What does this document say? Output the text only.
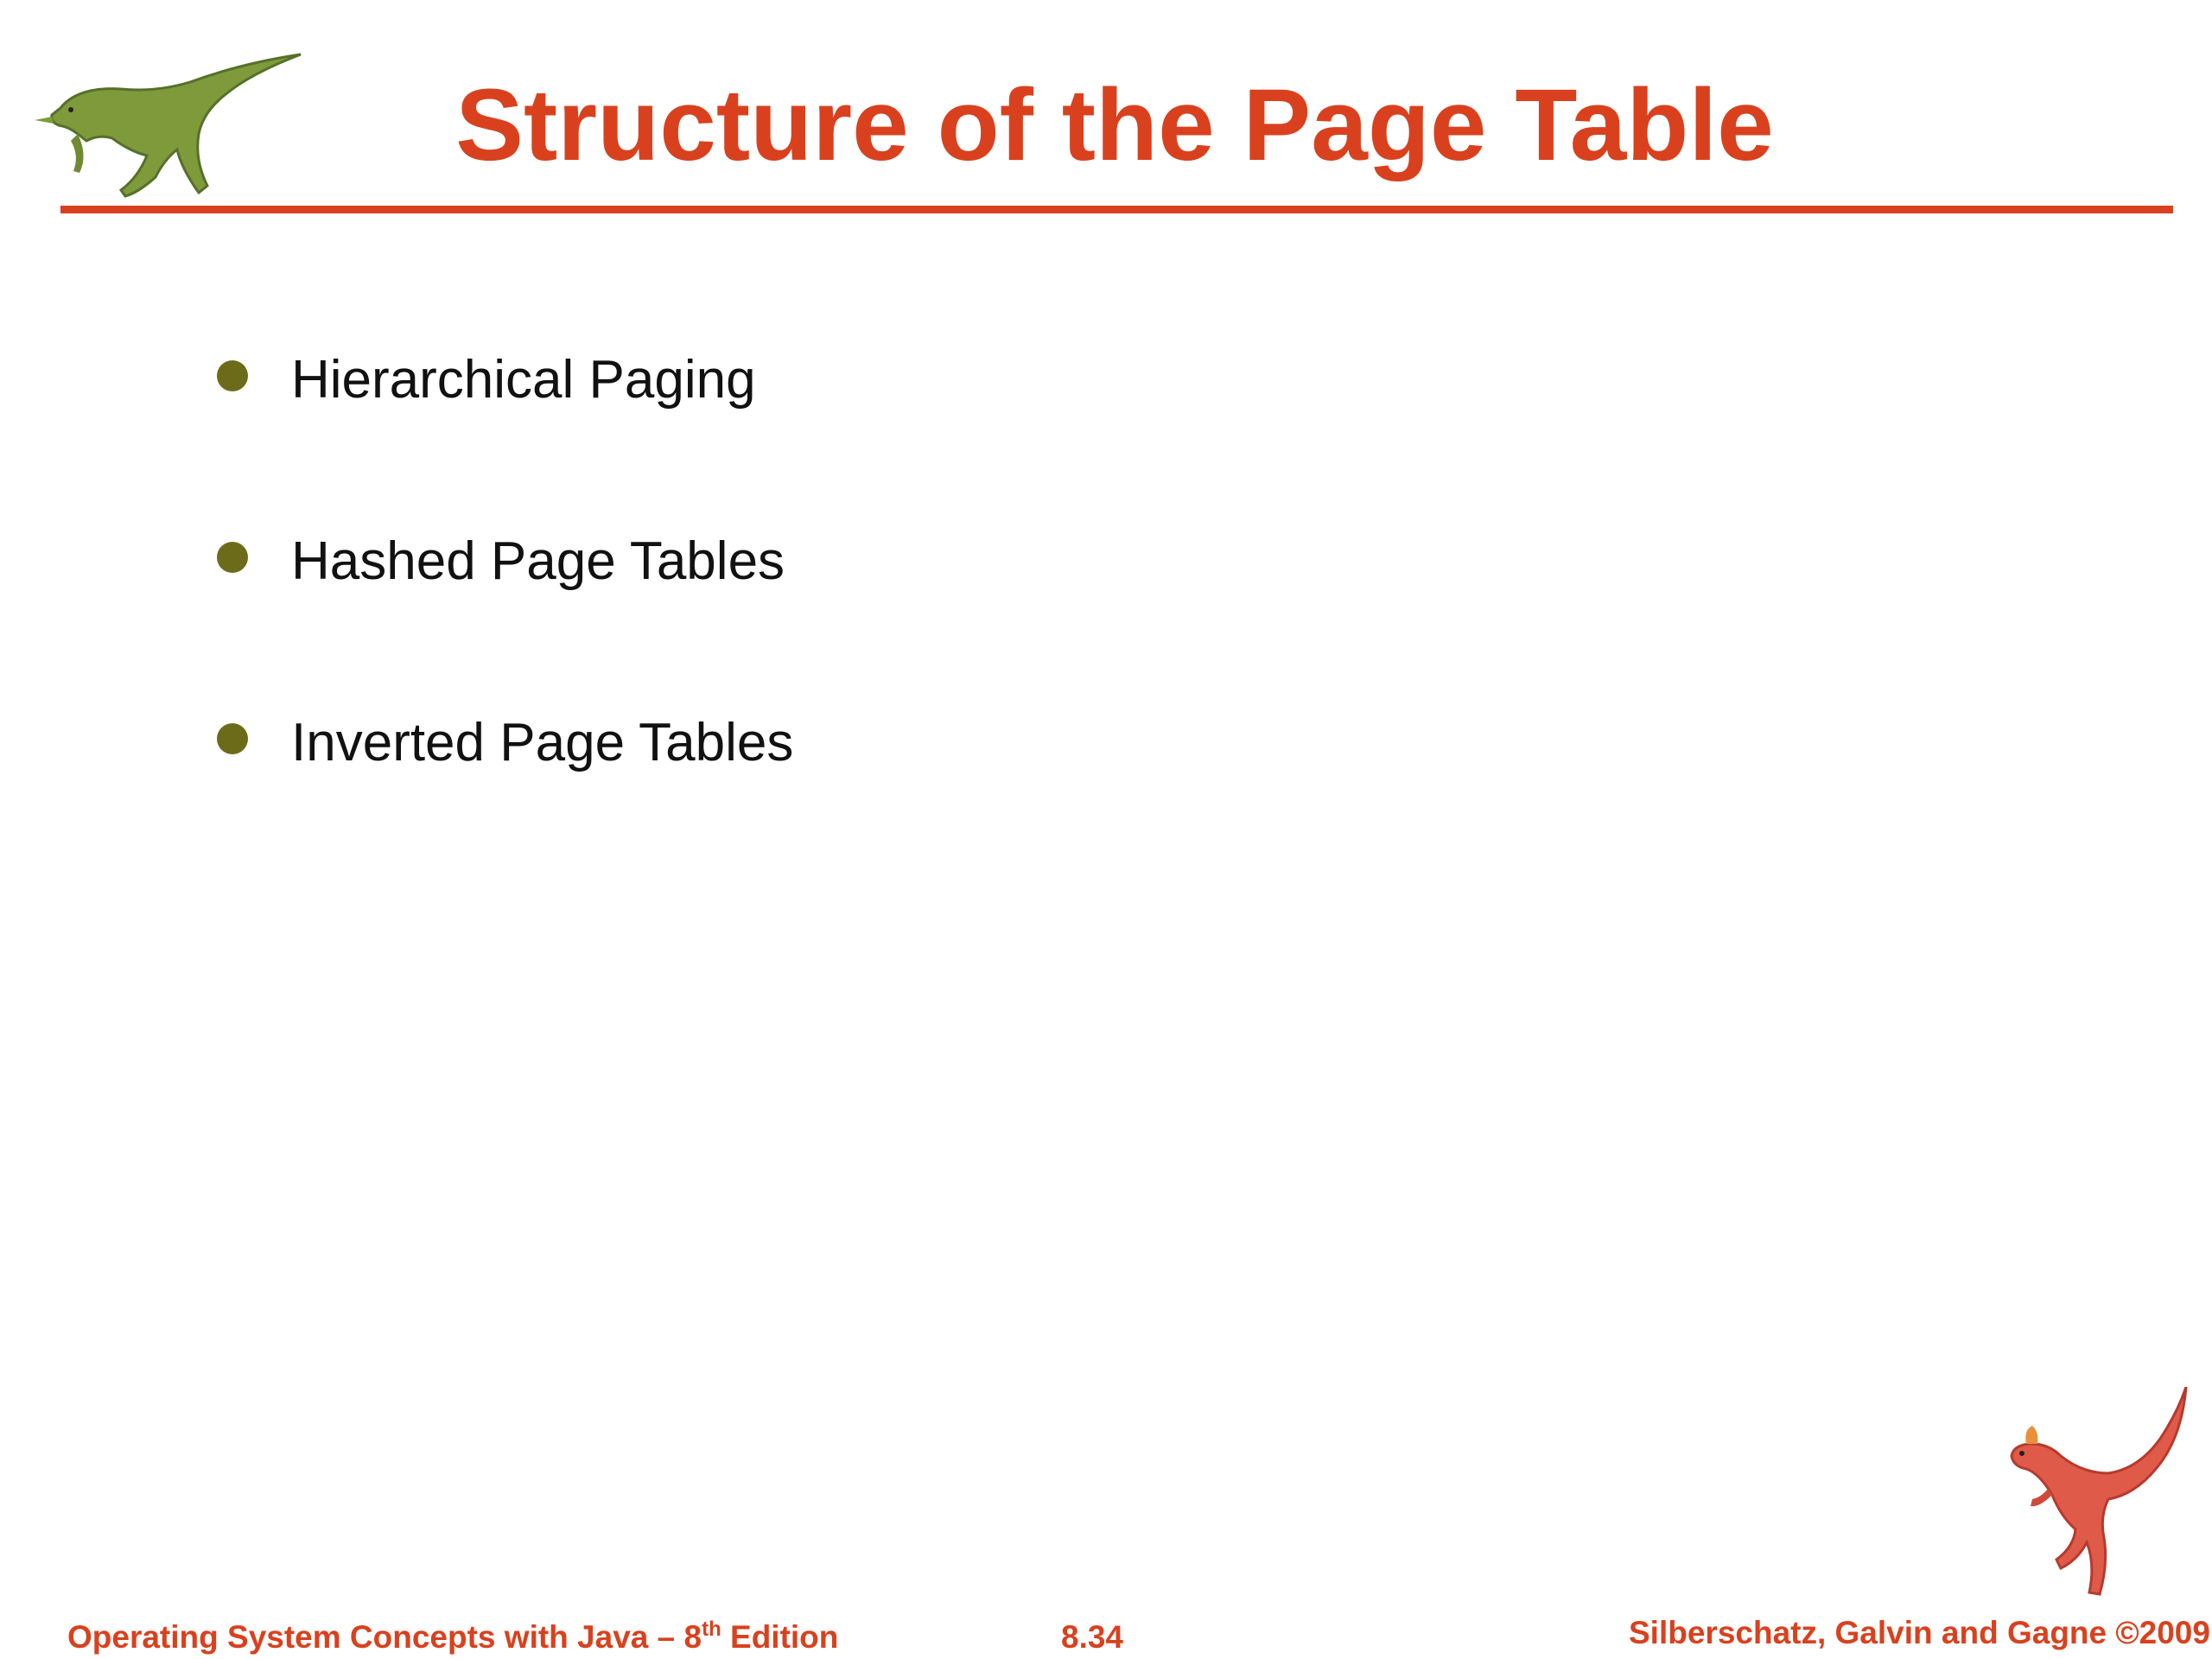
Structure of the Page Table
Hierarchical Paging
Hashed Page Tables
Inverted Page Tables
Operating System Concepts with Java – 8th Edition	8.34	Silberschatz, Galvin and Gagne ©2009
